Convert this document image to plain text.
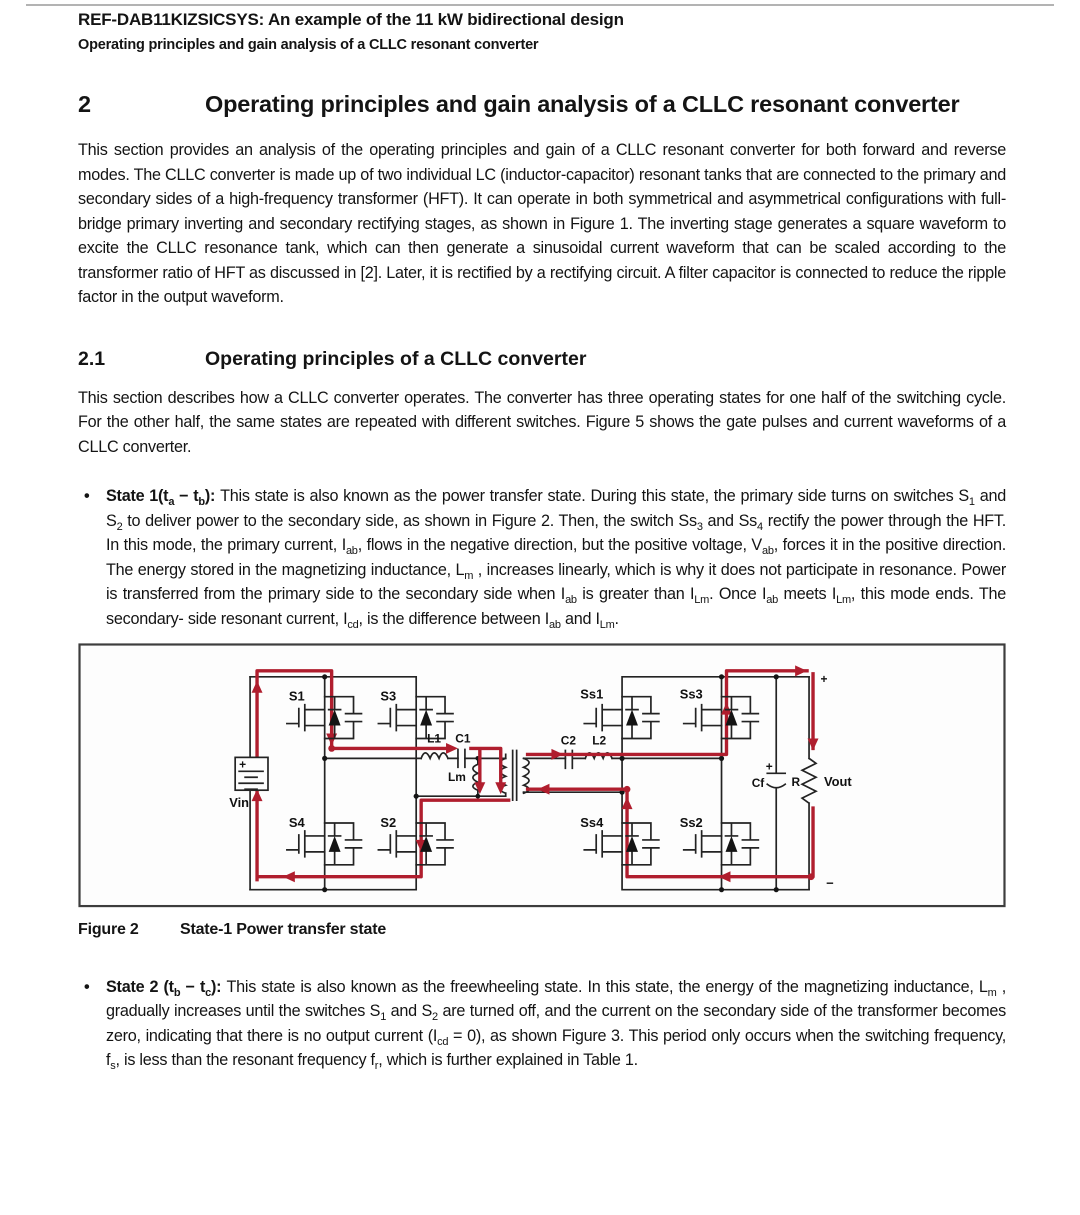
REF-DAB11KIZSICSYS: An example of the 11 kW bidirectional design
Operating principles and gain analysis of a CLLC resonant converter
2	Operating principles and gain analysis of a CLLC resonant converter
This section provides an analysis of the operating principles and gain of a CLLC resonant converter for both forward and reverse modes. The CLLC converter is made up of two individual LC (inductor-capacitor) resonant tanks that are connected to the primary and secondary sides of a high-frequency transformer (HFT). It can operate in both symmetrical and asymmetrical configurations with full-bridge primary inverting and secondary rectifying stages, as shown in Figure 1. The inverting stage generates a square waveform to excite the CLLC resonance tank, which can then generate a sinusoidal current waveform that can be scaled according to the transformer ratio of HFT as discussed in [2]. Later, it is rectified by a rectifying circuit. A filter capacitor is connected to reduce the ripple factor in the output waveform.
2.1	Operating principles of a CLLC converter
This section describes how a CLLC converter operates. The converter has three operating states for one half of the switching cycle. For the other half, the same states are repeated with different switches. Figure 5 shows the gate pulses and current waveforms of a CLLC converter.
•	State $1(t_a - t_b)$: This state is also known as the power transfer state. During this state, the primary side turns on switches $S_1$ and $S_2$ to deliver power to the secondary side, as shown in Figure 2. Then, the switch $Ss_3$ and $Ss_4$ rectify the power through the HFT. In this mode, the primary current, $I_{ab}$, flows in the negative direction, but the positive voltage, $V_{ab}$, forces it in the positive direction. The energy stored in the magnetizing inductance, $L_m$ , increases linearly, which is why it does not participate in resonance. Power is transferred from the primary side to the secondary side when $I_{ab}$ is greater than $I_{Lm}$. Once $I_{ab}$ meets $I_{Lm}$, this mode ends. The secondary- side resonant current, $I_{cd}$, is the difference between $I_{ab}$ and $I_{Lm}$.
+
S1	S3
S4	S2
Ss1	Ss3
Ss4	Ss2
L1 C1
Lm
C2 L2
Vin
Cf
+
R Vout
+
−
Figure 2	State-1 Power transfer state
•	State 2 $(t_b - t_c)$: This state is also known as the freewheeling state. In this state, the energy of the magnetizing inductance, $L_m$ , gradually increases until the switches $S_1$ and $S_2$ are turned off, and the current on the secondary side of the transformer becomes zero, indicating that there is no output current $(I_{cd} = 0)$, as shown Figure 3. This period only occurs when the switching frequency, $f_s$, is less than the resonant frequency $f_r$, which is further explained in Table 1.
